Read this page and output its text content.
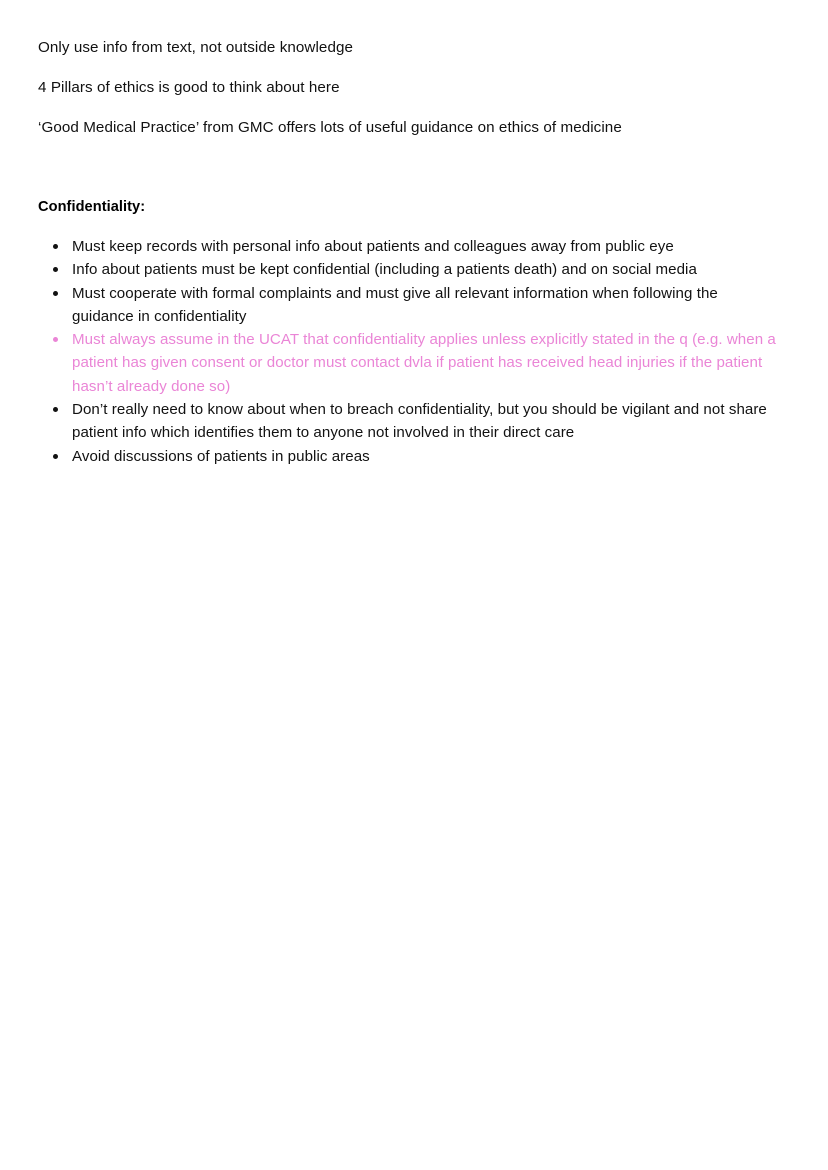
Only use info from text, not outside knowledge

4 Pillars of ethics is good to think about here

‘Good Medical Practice’ from GMC offers lots of useful guidance on ethics of medicine

Confidentiality:
Must keep records with personal info about patients and colleagues away from public eye
Info about patients must be kept confidential (including a patients death) and on social media
Must cooperate with formal complaints and must give all relevant information when following the guidance in confidentiality
Must always assume in the UCAT that confidentiality applies unless explicitly stated in the q (e.g. when a patient has given consent or doctor must contact dvla if patient has received head injuries if the patient hasn’t already done so)
Don’t really need to know about when to breach confidentiality, but you should be vigilant and not share patient info which identifies them to anyone not involved in their direct care
Avoid discussions of patients in public areas
